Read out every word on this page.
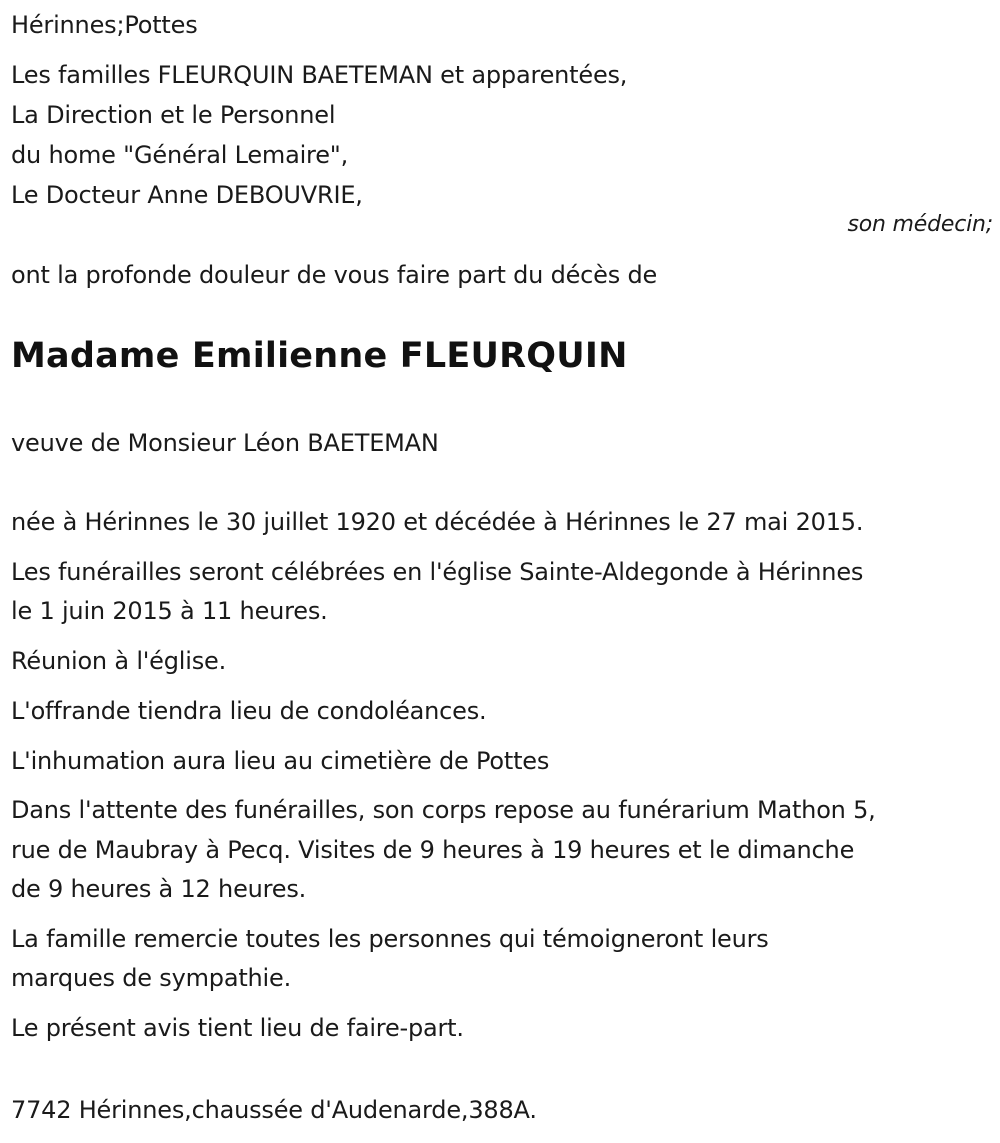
Hérinnes;Pottes
Les familles FLEURQUIN BAETEMAN et apparentées,
La Direction et le Personnel
du home "Général Lemaire",
Le Docteur Anne DEBOUVRIE,
son médecin;
ont la profonde douleur de vous faire part du décès de
Madame Emilienne FLEURQUIN
veuve de Monsieur Léon BAETEMAN
née à Hérinnes le 30 juillet 1920 et décédée à Hérinnes le 27 mai 2015.
Les funérailles seront célébrées en l'église Sainte-Aldegonde à Hérinnes
le 1 juin 2015 à 11 heures.
Réunion à l'église.
L'offrande tiendra lieu de condoléances.
L'inhumation aura lieu au cimetière de Pottes
Dans l'attente des funérailles, son corps repose au funérarium Mathon 5,
rue de Maubray à Pecq. Visites de 9 heures à 19 heures et le dimanche
de 9 heures à 12 heures.
La famille remercie toutes les personnes qui témoigneront leurs
marques de sympathie.
Le présent avis tient lieu de faire-part.
7742 Hérinnes,chaussée d'Audenarde,388A.
